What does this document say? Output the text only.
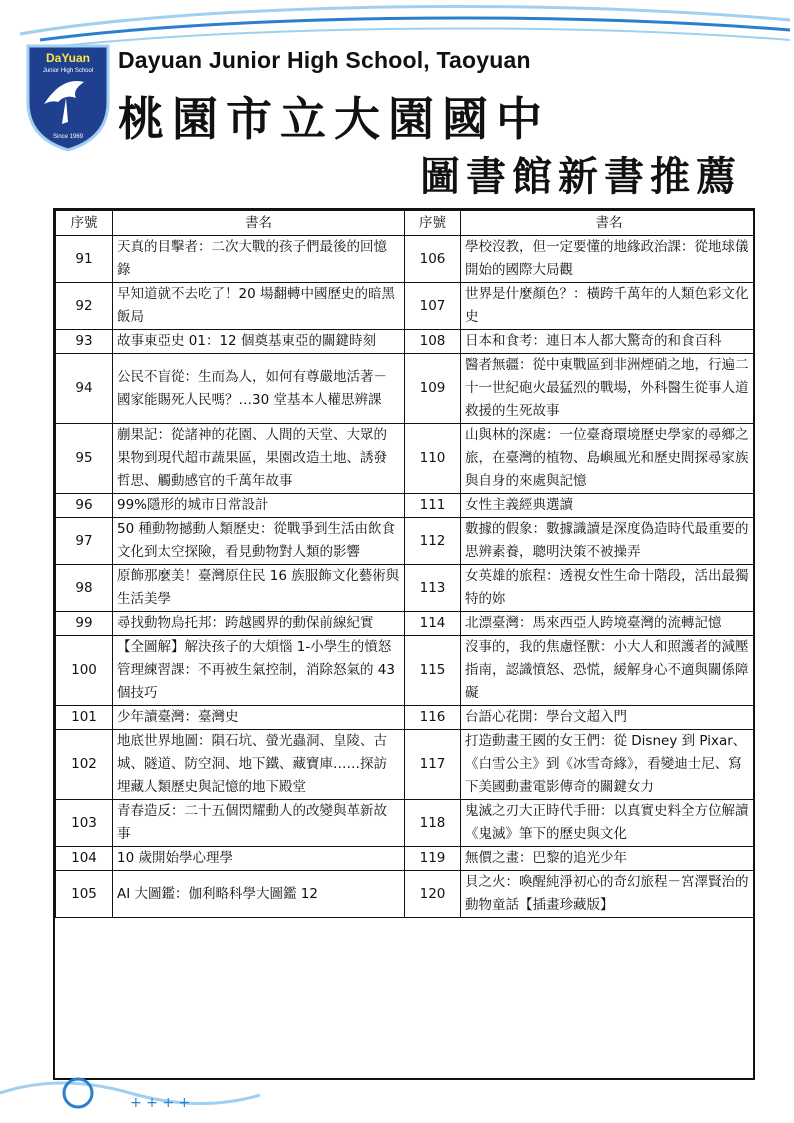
DaYuan
Junior High School
Since 1969
Dayuan Junior High School, Taoyuan
桃園市立大園國中
圖書館新書推薦
序號	書名	序號	書名
91	天真的目擊者：二次大戰的孩子們最後的回憶錄	106	學校沒教，但一定要懂的地緣政治課：從地球儀開始的國際大局觀
92	早知道就不去吃了！20 場翻轉中國歷史的暗黑飯局	107	世界是什麼顏色？：橫跨千萬年的人類色彩文化史
93	故事東亞史 01：12 個奠基東亞的關鍵時刻	108	日本和食考：連日本人都大驚奇的和食百科
94	公民不盲從：生而為人，如何有尊嚴地活著－國家能賜死人民嗎？…30 堂基本人權思辨課	109	醫者無疆：從中東戰區到非洲煙硝之地，行遍二十一世紀砲火最猛烈的戰場，外科醫生從事人道救援的生死故事
95	蒯果記：從諸神的花園、人間的天堂、大眾的果物到現代超市蔬果區，果園改造土地、誘發哲思、觸動感官的千萬年故事	110	山與林的深處：一位臺裔環境歷史學家的尋鄉之旅，在臺灣的植物、島嶼風光和歷史間探尋家族與自身的來處與記憶
96	99%隱形的城市日常設計	111	女性主義經典選讀
97	50 種動物撼動人類歷史：從戰爭到生活由飲食文化到太空探險，看見動物對人類的影響	112	數據的假象：數據識讀是深度偽造時代最重要的思辨素養，聰明決策不被操弄
98	原飾那麼美！臺灣原住民 16 族服飾文化藝術與生活美學	113	女英雄的旅程：透視女性生命十階段，活出最獨特的妳
99	尋找動物烏托邦：跨越國界的動保前線紀實	114	北漂臺灣：馬來西亞人跨境臺灣的流轉記憶
100	【全圖解】解決孩子的大煩惱 1-小學生的憤怒管理練習課：不再被生氣控制，消除怒氣的 43 個技巧	115	沒事的，我的焦慮怪獸：小大人和照護者的減壓指南，認識憤怒、恐慌，緩解身心不適與關係障礙
101	少年讀臺灣：臺灣史	116	台語心花開：學台文超入門
102	地底世界地圖：隕石坑、螢光蟲洞、皇陵、古城、隧道、防空洞、地下鐵、藏寶庫……探訪埋藏人類歷史與記憶的地下殿堂	117	打造動畫王國的女王們：從 Disney 到 Pixar、《白雪公主》到《冰雪奇緣》，看變迪士尼、寫下美國動畫電影傳奇的關鍵女力
103	青春造反：二十五個閃耀動人的改變與革新故事	118	鬼滅之刃大正時代手冊：以真實史料全方位解讀《鬼滅》筆下的歷史與文化
104	10 歲開始學心理學	119	無價之畫：巴黎的追光少年
105	AI 大圖鑑：伽利略科學大圖鑑 12	120	貝之火：喚醒純淨初心的奇幻旅程－宮澤賢治的動物童話【插畫珍藏版】
+ + + +
